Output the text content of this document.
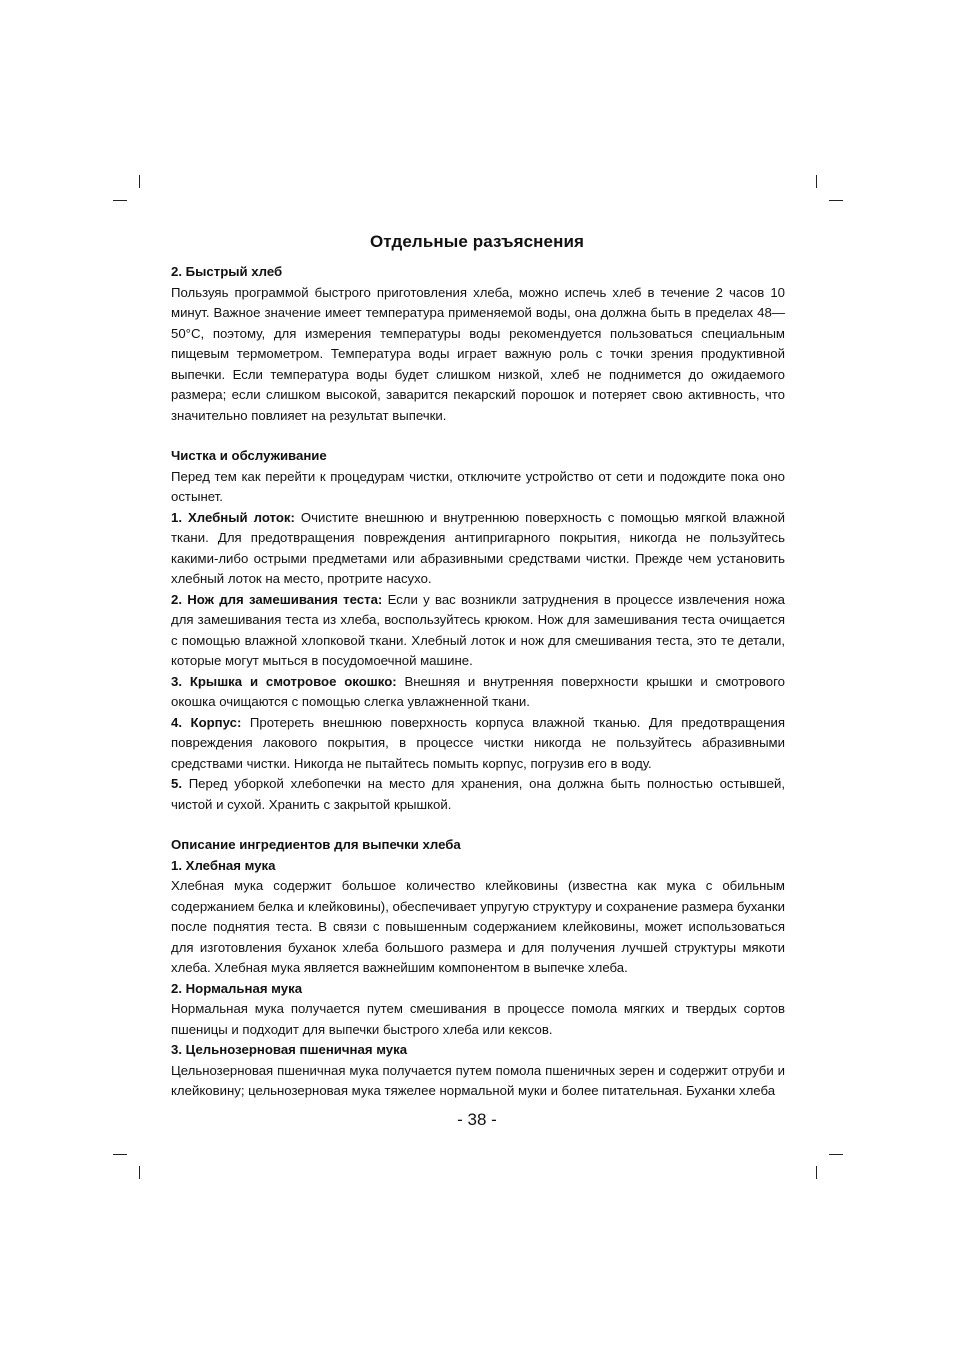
Отдельные разъяснения
2. Быстрый хлеб

Пользуяь программой быстрого приготовления хлеба, можно испечь хлеб в течение 2 часов 10 минут. Важное значение имеет температура применяемой воды, она должна быть в пределах 48—50°С, поэтому, для измерения температуры воды рекомендуется пользоваться специальным пищевым термометром. Температура воды играет важную роль с точки зрения продуктивной выпечки. Если температура воды будет слишком низкой, хлеб не поднимется до ожидаемого размера; если слишком высокой, заварится пекарский порошок и потеряет свою активность, что значительно повлияет на результат выпечки.

Чистка и обслуживание

Перед тем как перейти к процедурам чистки, отключите устройство от сети и подождите пока оно остынет.

1. Хлебный лоток: Очистите внешнюю и внутреннюю поверхность с помощью мягкой влажной ткани. Для предотвращения повреждения антипригарного покрытия, никогда не пользуйтесь какими-либо острыми предметами или абразивными средствами чистки. Прежде чем установить хлебный лоток на место, протрите насухо.

2. Нож для замешивания теста: Если у вас возникли затруднения в процессе извлечения ножа для замешивания теста из хлеба, воспользуйтесь крюком. Нож для замешивания теста очищается с помощью влажной хлопковой ткани. Хлебный лоток и нож для смешивания теста, это те детали, которые могут мыться в посудомоечной машине.

3. Крышка и смотровое окошко: Внешняя и внутренняя поверхности крышки и смотрового окошка очищаются с помощью слегка увлажненной ткани.

4. Корпус: Протереть внешнюю поверхность корпуса влажной тканью. Для предотвращения повреждения лакового покрытия, в процессе чистки никогда не пользуйтесь абразивными средствами чистки. Никогда не пытайтесь помыть корпус, погрузив его в воду.

5. Перед уборкой хлебопечки на место для хранения, она должна быть полностью остывшей, чистой и сухой. Хранить с закрытой крышкой.

Описание ингредиентов для выпечки хлеба
1. Хлебная мука

Хлебная мука содержит большое количество клейковины (известна как мука с обильным содержанием белка и клейковины), обеспечивает упругую структуру и сохранение размера буханки после поднятия теста. В связи с повышенным содержанием клейковины, может использоваться для изготовления буханок хлеба большого размера и для получения лучшей структуры мякоти хлеба. Хлебная мука является важнейшим компонентом в выпечке хлеба.

2. Нормальная мука

Нормальная мука получается путем смешивания в процессе помола мягких и твердых сортов пшеницы и подходит для выпечки быстрого хлеба или кексов.

3. Цельнозерновая пшеничная мука

Цельнозерновая пшеничная мука получается путем помола пшеничных зерен и содержит отруби и клейковину; цельнозерновая мука тяжелее нормальной муки и более питательная. Буханки хлеба

- 38 -
